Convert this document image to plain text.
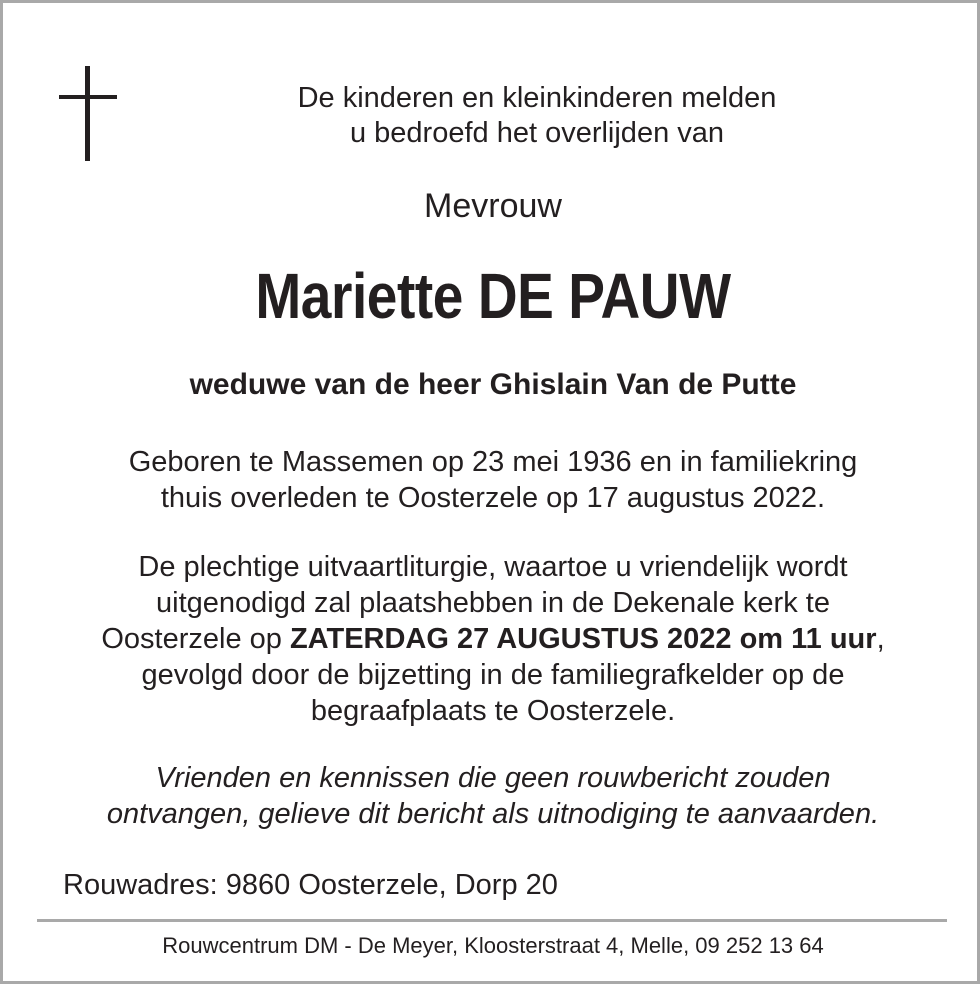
De kinderen en kleinkinderen melden
u bedroefd het overlijden van
Mevrouw
Mariette DE PAUW
weduwe van de heer Ghislain Van de Putte
Geboren te Massemen op 23 mei 1936 en in familiekring
thuis overleden te Oosterzele op 17 augustus 2022.
De plechtige uitvaartliturgie, waartoe u vriendelijk wordt
uitgenodigd zal plaatshebben in de Dekenale kerk te
Oosterzele op ZATERDAG 27 AUGUSTUS 2022 om 11 uur,
gevolgd door de bijzetting in de familiegrafkelder op de
begraafplaats te Oosterzele.
Vrienden en kennissen die geen rouwbericht zouden
ontvangen, gelieve dit bericht als uitnodiging te aanvaarden.
Rouwadres: 9860 Oosterzele, Dorp 20
Rouwcentrum DM - De Meyer, Kloosterstraat 4, Melle, 09 252 13 64
